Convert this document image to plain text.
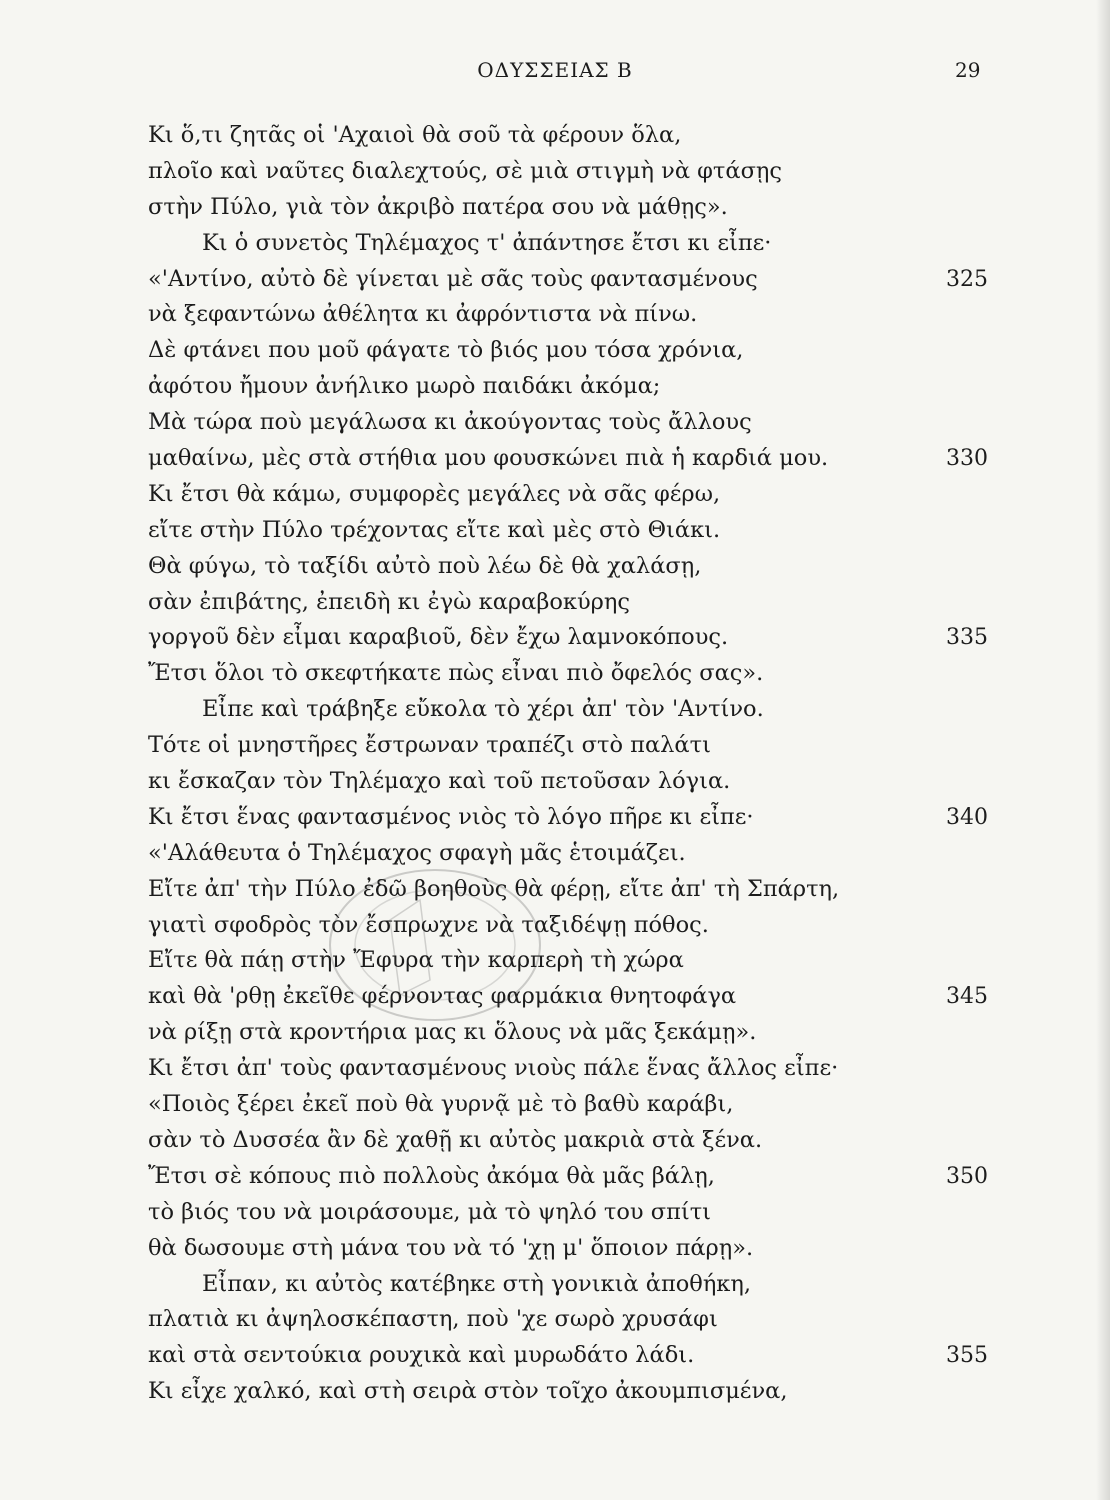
ΟΔΥΣΣΕΙΑΣ Β	29
Κι ὅ,τι ζητᾶς οἱ 'Αχαιοὶ θὰ σοῦ τὰ φέρουν ὅλα,
πλοῖο καὶ ναῦτες διαλεχτούς, σὲ μιὰ στιγμὴ νὰ φτάσῃς
στὴν Πύλο, γιὰ τὸν ἀκριβὸ πατέρα σου νὰ μάθῃς».
Κι ὁ συνετὸς Τηλέμαχος τ' ἀπάντησε ἔτσι κι εἶπε·
«'Αντίνο, αὐτὸ δὲ γίνεται μὲ σᾶς τοὺς φαντασμένους	325
νὰ ξεφαντώνω ἀθέλητα κι ἀφρόντιστα νὰ πίνω.
Δὲ φτάνει που μοῦ φάγατε τὸ βιός μου τόσα χρόνια,
ἀφότου ἤμουν ἀνήλικο μωρὸ παιδάκι ἀκόμα;
Μὰ τώρα ποὺ μεγάλωσα κι ἀκούγοντας τοὺς ἄλλους
μαθαίνω, μὲς στὰ στήθια μου φουσκώνει πιὰ ἡ καρδιά μου.	330
Κι ἔτσι θὰ κάμω, συμφορὲς μεγάλες νὰ σᾶς φέρω,
εἴτε στὴν Πύλο τρέχοντας εἴτε καὶ μὲς στὸ Θιάκι.
Θὰ φύγω, τὸ ταξίδι αὐτὸ ποὺ λέω δὲ θὰ χαλάσῃ,
σὰν ἐπιβάτης, ἐπειδὴ κι ἐγὼ καραβοκύρης
γοργοῦ δὲν εἶμαι καραβιοῦ, δὲν ἔχω λαμνοκόπους.	335
Ἔτσι ὅλοι τὸ σκεφτήκατε πὼς εἶναι πιὸ ὄφελός σας».
Εἶπε καὶ τράβηξε εὔκολα τὸ χέρι ἀπ' τὸν 'Αντίνο.
Τότε οἱ μνηστῆρες ἔστρωναν τραπέζι στὸ παλάτι
κι ἔσκαζαν τὸν Τηλέμαχο καὶ τοῦ πετοῦσαν λόγια.
Κι ἔτσι ἕνας φαντασμένος νιὸς τὸ λόγο πῆρε κι εἶπε·	340
«'Αλάθευτα ὁ Τηλέμαχος σφαγὴ μᾶς ἑτοιμάζει.
Εἴτε ἀπ' τὴν Πύλο ἐδῶ βοηθοὺς θὰ φέρῃ, εἴτε ἀπ' τὴ Σπάρτη,
γιατὶ σφοδρὸς τὸν ἔσπρωχνε νὰ ταξιδέψῃ πόθος.
Εἴτε θὰ πάῃ στὴν Ἔφυρα τὴν καρπερὴ τὴ χώρα
καὶ θὰ 'ρθῃ ἐκεῖθε φέρνοντας φαρμάκια θνητοφάγα	345
νὰ ρίξῃ στὰ κροντήρια μας κι ὅλους νὰ μᾶς ξεκάμῃ».
Κι ἔτσι ἀπ' τοὺς φαντασμένους νιοὺς πάλε ἕνας ἄλλος εἶπε·
«Ποιὸς ξέρει ἐκεῖ ποὺ θὰ γυρνᾷ μὲ τὸ βαθὺ καράβι,
σὰν τὸ Δυσσέα ἂν δὲ χαθῇ κι αὐτὸς μακριὰ στὰ ξένα.
Ἔτσι σὲ κόπους πιὸ πολλοὺς ἀκόμα θὰ μᾶς βάλῃ,	350
τὸ βιός του νὰ μοιράσουμε, μὰ τὸ ψηλό του σπίτι
θὰ δωσουμε στὴ μάνα του νὰ τό 'χῃ μ' ὅποιον πάρῃ».
Εἶπαν, κι αὐτὸς κατέβηκε στὴ γονικιὰ ἀποθήκη,
πλατιὰ κι ἀψηλοσκέπαστη, ποὺ 'χε σωρὸ χρυσάφι
καὶ στὰ σεντούκια ρουχικὰ καὶ μυρωδάτο λάδι.	355
Κι εἶχε χαλκό, καὶ στὴ σειρὰ στὸν τοῖχο ἀκουμπισμένα,
